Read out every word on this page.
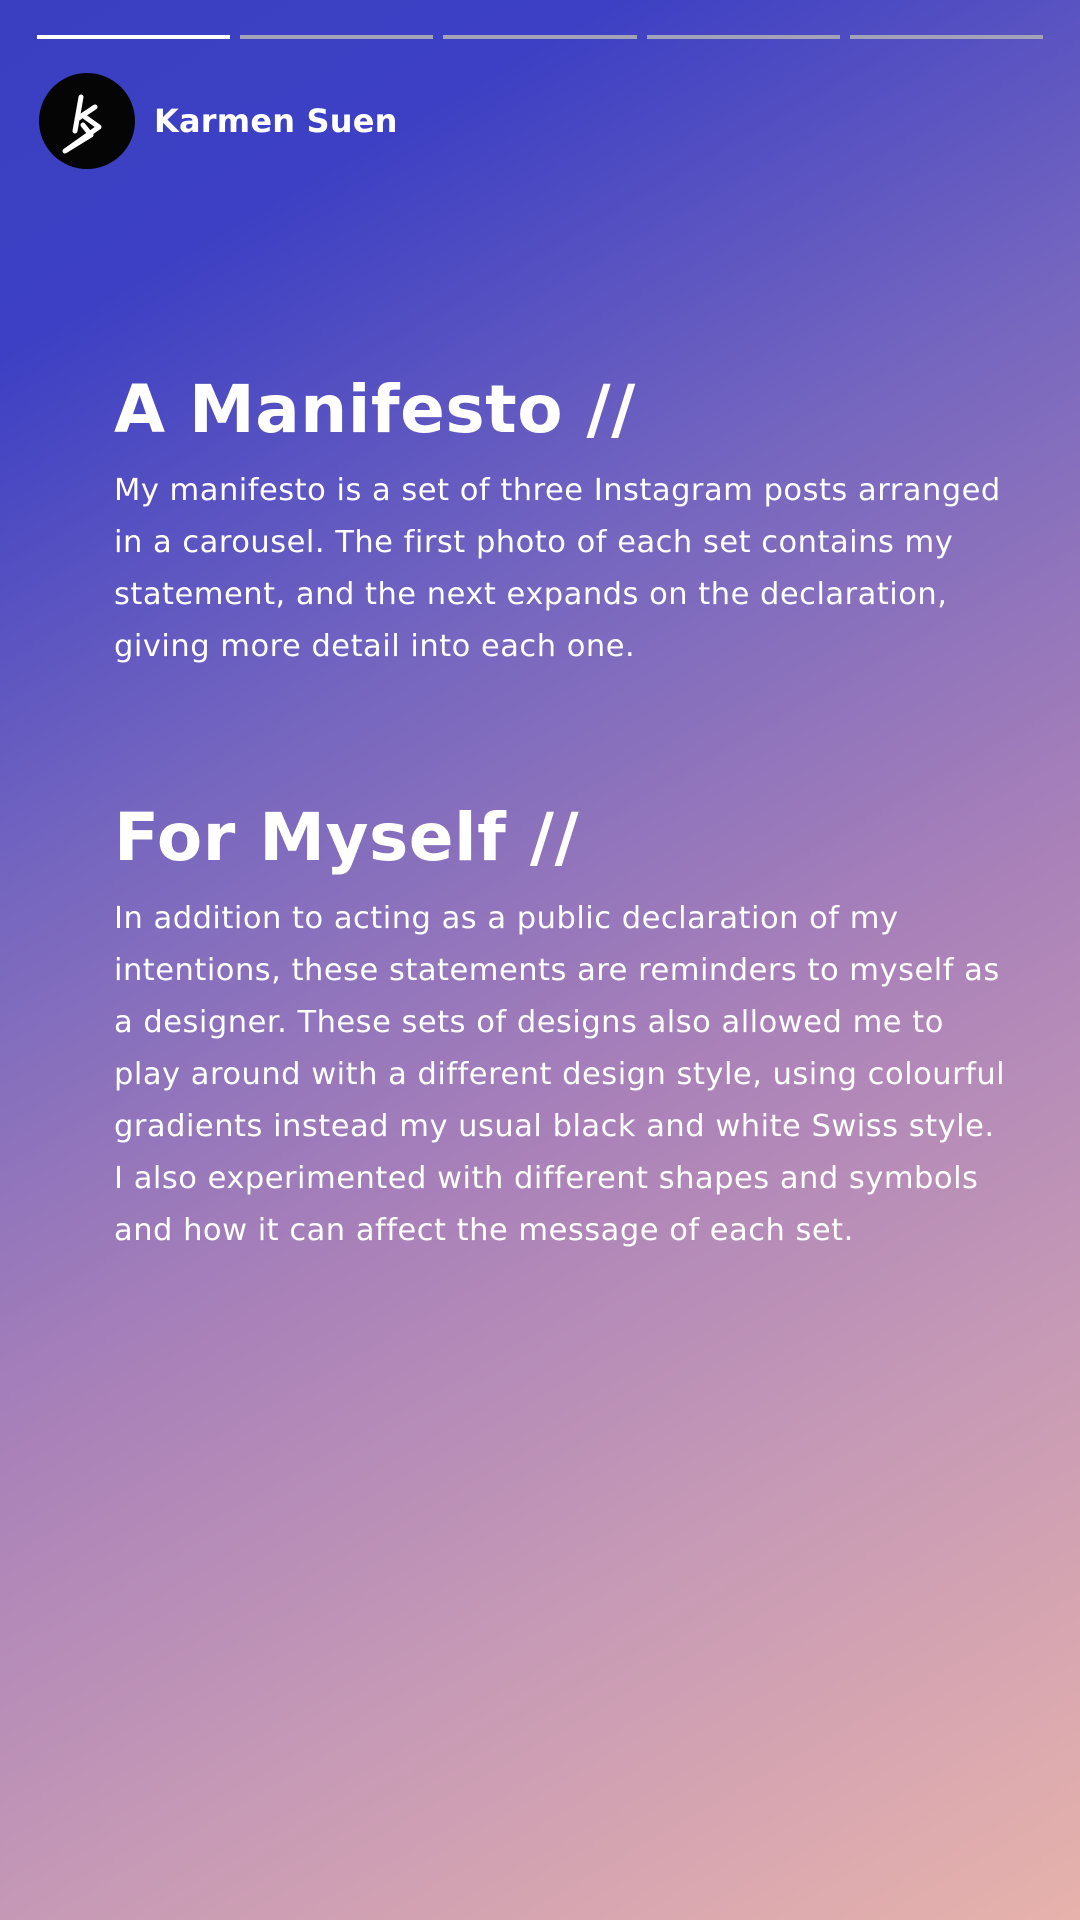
Karmen Suen
A Manifesto //

My manifesto is a set of three Instagram posts arranged in a carousel. The first photo of each set contains my statement, and the next expands on the declaration, giving more detail into each one.

For Myself //

In addition to acting as a public declaration of my intentions, these statements are reminders to myself as a designer. These sets of designs also allowed me to play around with a different design style, using colourful gradients instead my usual black and white Swiss style. I also experimented with different shapes and symbols and how it can affect the message of each set.
